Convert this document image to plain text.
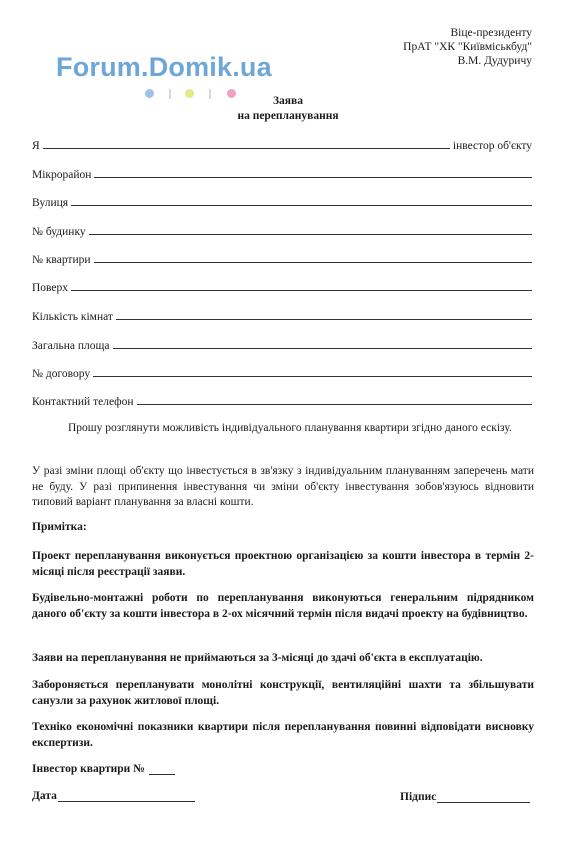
Віце-президенту
ПрАТ "ХК "Київміськбуд"
В.М. Дудуричу
Forum.Domik.ua
Заява
на перепланування
Я	інвестор об'єкту
Мікрорайон
Вулиця
№ будинку
№ квартири
Поверх
Кількість кімнат
Загальна площа
№ договору
Контактний телефон
Прошу розглянути можливість індивідуального планування квартири згідно даного ескізу.
У разі зміни площі об'єкту що інвестується в зв'язку з індивідуальним плануванням заперечень мати не буду. У разі припинення інвестування чи зміни об'єкту інвестування зобов'язуюсь відновити типовий варіант планування за власні кошти.
Примітка:
Проект перепланування виконується проектною організацією за кошти інвестора в термін 2-місяці після реєстрації заяви.
Будівельно-монтажні роботи по перепланування виконуються генеральним підрядником даного об'єкту за кошти інвестора в 2-ох місячний термін після видачі проекту на будівництво.
Заяви на перепланування не приймаються за 3-місяці до здачі об'єкта в експлуатацію.
Забороняється перепланувати монолітні конструкції, вентиляційні шахти та збільшувати санузли за рахунок житлової площі.
Техніко економічні показники квартири після перепланування повинні відповідати висновку експертизи.
Інвестор квартири №
Дата	Підпис
